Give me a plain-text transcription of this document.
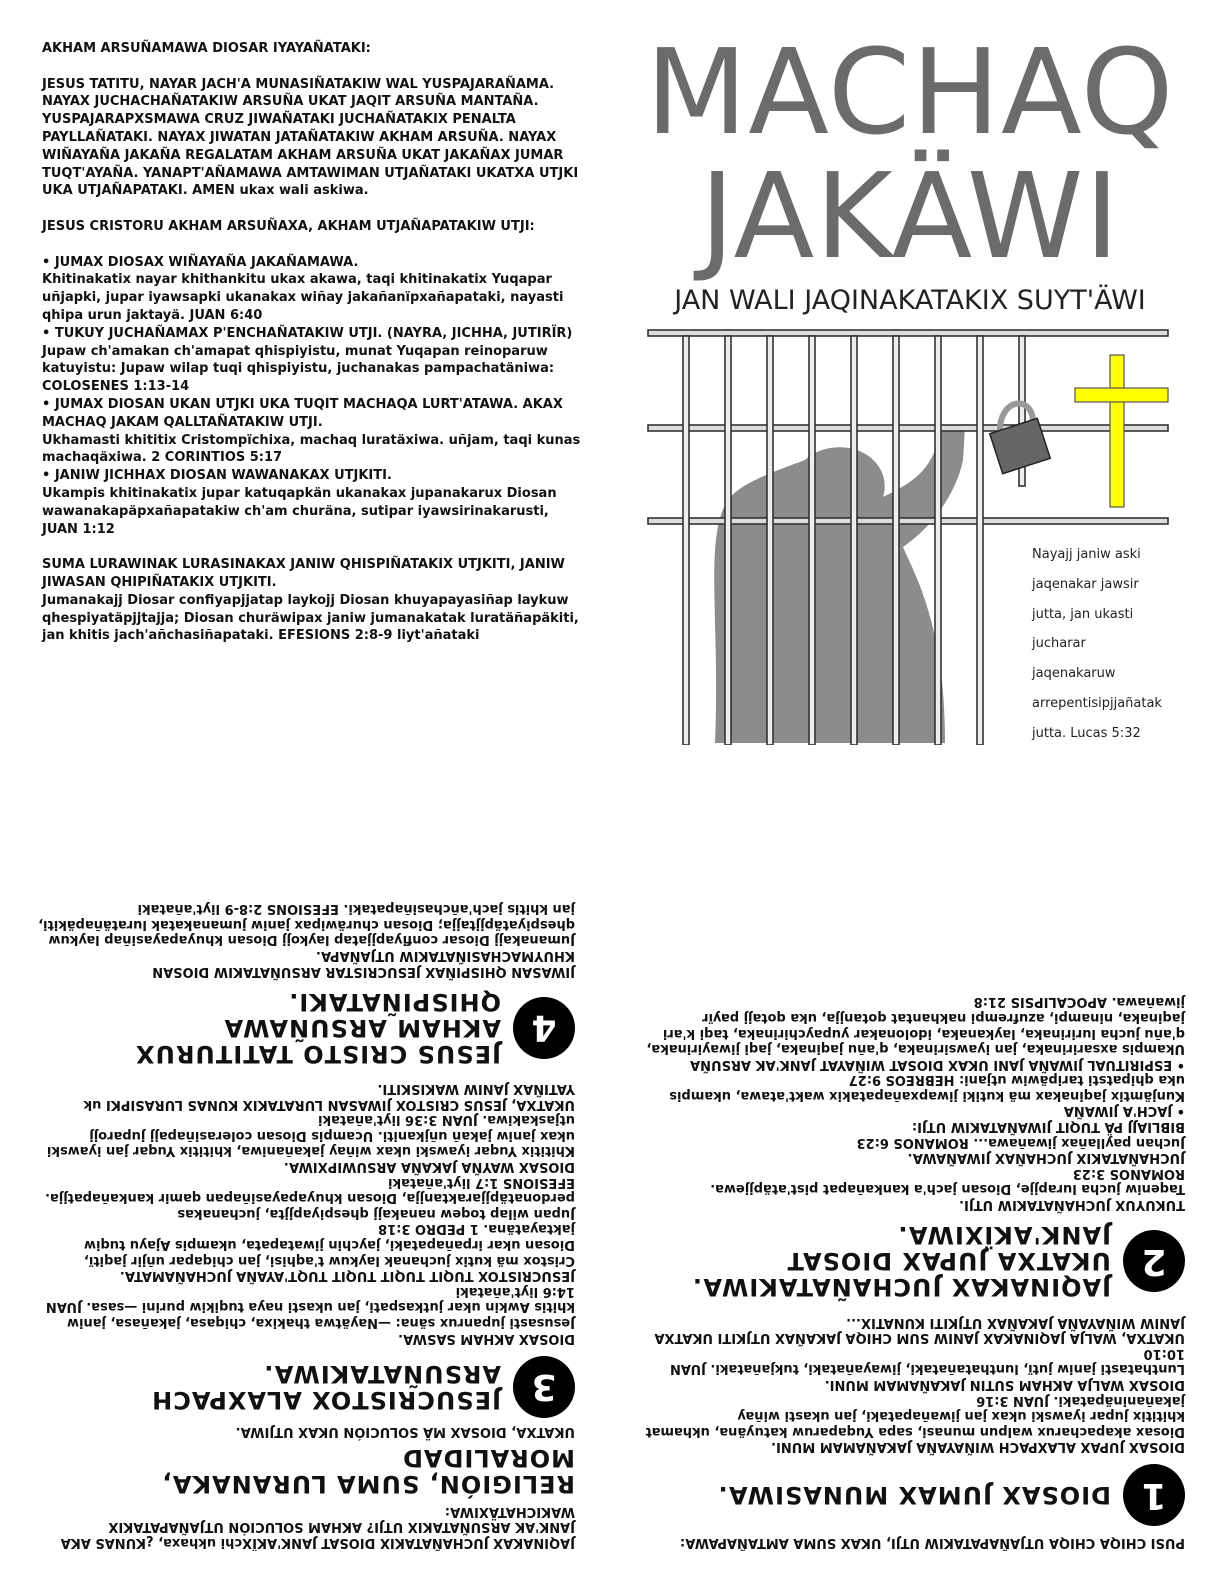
AKHAM ARSUÑAMAWA DIOSAR IYAYAÑATAKI:

JESUS TATITU, NAYAR JACH'A MUNASIÑATAKIW WAL YUSPAJARAÑAMA. NAYAX JUCHACHAÑATAKIW ARSUÑA UKAT JAQIT ARSUÑA MANTAÑA. YUSPAJARAPXSMAWA CRUZ JIWAÑATAKI JUCHAÑATAKIX PENALTA PAYLLAÑATAKI. NAYAX JIWATAN JATAÑATAKIW AKHAM ARSUÑA. NAYAX WIÑAYAÑA JAKAÑA REGALATAM AKHAM ARSUÑA UKAT JAKAÑAX JUMAR TUQT'AYAÑA. YANAPT'AÑAMAWA AMTAWIMAN UTJAÑATAKI UKATXA UTJKI UKA UTJAÑAPATAKI. AMEN ukax wali askiwa.

JESUS CRISTORU AKHAM ARSUÑAXA, AKHAM UTJAÑAPATAKIW UTJI:

• JUMAX DIOSAX WIÑAYAÑA JAKAÑAMAWA.
Khitinakatix nayar khithankitu ukax akawa, taqi khitinakatix Yuqapar uñjapki, jupar iyawsapki ukanakax wiñay jakañanïpxañapataki, nayasti qhipa urun jaktayä. JUAN 6:40
• TUKUY JUCHAÑAMAX P'ENCHAÑATAKIW UTJI. (NAYRA, JICHHA, JUTIRÏR)
Jupaw ch'amakan ch'amapat qhispiyistu, munat Yuqapan reinoparuw katuyistu: Jupaw wilap tuqi qhispiyistu, juchanakas pampachatäniwa: COLOSENES 1:13-14
• JUMAX DIOSAN UKAN UTJKI UKA TUQIT MACHAQA LURT'ATAWA. AKAX MACHAQ JAKAM QALLTAÑATAKIW UTJI.
Ukhamasti khititix Cristompïchixa, machaq luratäxiwa. uñjam, taqi kunas machaqäxiwa. 2 CORINTIOS 5:17
• JANIW JICHHAX DIOSAN WAWANAKAX UTJKITI.
Ukampis khitinakatix jupar katuqapkän ukanakax jupanakarux Diosan wawanakapäpxañapatakiw ch'am churäna, sutipar iyawsirinakarusti, JUAN 1:12

SUMA LURAWINAK LURASINAKAX JANIW QHISPIÑATAKIX UTJKITI, JANIW JIWASAN QHIPIÑATAKIX UTJKITI.
Jumanakajj Diosar confiyapjjatap laykojj Diosan khuyapayasiñap laykuw qhespiyatäpjjtajja; Diosan churäwipax janiw jumanakatak luratäñapäkiti, jan khitis jach'añchasiñapataki. EFESIONS 2:8-9 liyt'añataki

MACHAQ
JAKÄWI
JAN WALI JAQINAKATAKIX SUYT'ÄWI
Nayajj janiw aski
jaqenakar jawsir
jutta, jan ukasti
jucharar
jaqenakaruw
arrepentisipjjañatak
jutta. Lucas 5:32
PUSI CHIQA CHIQA UTJAÑAPATAKIW UTJI, UKAX SUMA AMTAÑAPAWA:
1
DIOSAX JUMAX MUNASIWA.
DIOSAX JUPAX ALAXPACH WIÑAYAÑA JAKAÑAMAM MUNI.
Diosax akapacharux walpun munasi, sapa Yuqaparuw katuyäna, ukhamat khititix jupar iyawski ukax jan jiwañapataki, jan ukasti wiñay jakañaninäpataki. JUAN 3:16
DIOSAX WALJA AKHAM SUTIN JAKAÑAMAM MUNI.
Lunthatasti janiw jutï, lunthatañataki, jiwayañataki, tukjañataki. JUAN 10:10
UKATXA, WALJA JAQINAKAX JANIW SUM CHIQA JAKAÑAX UTJKITI UKATXA JANIW WIÑAYAÑA JAKAÑAX UTJKITI KUNATIX...
2
JAQINAKAX JUCHAÑATAKIWA. UKATXA JUPAX DIOSAT JANK'AKÏXIWA.
TUKUYUX JUCHAÑATAKIW UTJI.
Taqeniw jucha lurapjje, Diosan jach'a kankañapat pist'atäpjjewa. ROMANOS 3:23
JUCHAÑATAKIX JUCHAÑAX JIWAÑAWA.
Juchan payllañax jiwañawa... ROMANOS 6:23
BIBLIAJJ PÄ TUQIT JIWAÑATAKIW UTJI:
• JACH'A JIWAÑA
Kunjämtix jaqinakax mä kutiki jiwapxañapatakix wakt'atawa, ukampis uka qhipatsti taripäwiw utjani: HEBREOS 9:27
• ESPIRITUAL JIWAÑA JANI UKAX DIOSAT WIÑAYAT JANK'AK ARSUÑA
Ukampis axsaririnaka, jan iyawsirinaka, q'añu jaqinaka, jaqi jiwayirinaka, q'añu jucha luririnaka, laykanaka, idolonakar yupaychirinaka, taqi k'ari jaqinaka, ninampi, azufrempi nakhantat qotanjja, uka qotajj payïr jiwañawa. APOCALIPSIS 21:8
JAQINAKAX JUCHAÑATAKIX DIOSAT JANK'AKÏXchi ukhaxa, ¿KUNAS AKA JANK'AK ARSUÑATAKIX UTJI? AKHAM SOLUCIÓN UTJAÑAPATAKIX WAKICHATÄXIWA:
RELIGIÓN, SUMA LURANAKA, MORALIDAD
UKATXA, DIOSAX MÄ SOLUCIÓN UKAX UTJIWA.
3
JESUCRISTOX ALAXPACH ARSUÑATAKIWA.
DIOSAX AKHAM SASWA.
Jesusasti jupanrux säna: —Nayätwa thakixa, chiqasa, jakañasa, janiw khitis Awkin ukar jutkaspati, jan ukasti naya tuqikiw purini —sasa. JUAN 14:6 liyt'añataki
JESUCRISTOX TUQIT TUQIT TUQIT TUQT'AYAÑA JUCHAÑAMATA.
Cristox mä kutix juchanak laykuw t'aqhisi, jan chiqapar uñjir jaqitï, Diosan ukar irpañapataki, jaychin jiwatapata, ukampis Ajayu tuqiw jaktayatäna. 1 PEDRO 3:18
Jupan wilap toqew nanakajj qhespiyapjjta, juchanakas perdonatäpjjaraktanjja, Diosan khuyapayasiñapan qamir kankañapatjja. EFESIONS 1:7 liyt'añataki
DIOSAX WAYÑA JAKAÑA ARSUWIPXIWA.
Khititix Yuqar iyawski ukax wiñay jakañaniwa, khititix Yuqar jan iyawski ukax janiw jakañ uñjkaniti. Ucampis Diosan colerasiñapajj juparojj utjaskakiwa. JUAN 3:36 liyt'añataki
UKATXA, JESUS CRISTOX JIWASAN LURATAKIX KUNAS LURASIPKI uk YATIÑAX JANIW WAKISKITI.
4
JESUS CRISTO TATITURUX AKHAM ARSUÑAWA QHISPIÑATAKI.
JIWASAN QHISPIÑAX JESUCRISTAR ARSUÑATAKIW DIOSAN KHUYMACHASIÑATAKIW UTJAÑAPA.
Jumanakajj Diosar confiyapjjatap laykojj Diosan khuyapayasiñap laykuw qhespiyatäpjjtajja; Diosan churäwipax janiw jumanakatak luratäñapäkiti, jan khitis jach'añchasiñapataki. EFESIONS 2:8-9 liyt'añataki
